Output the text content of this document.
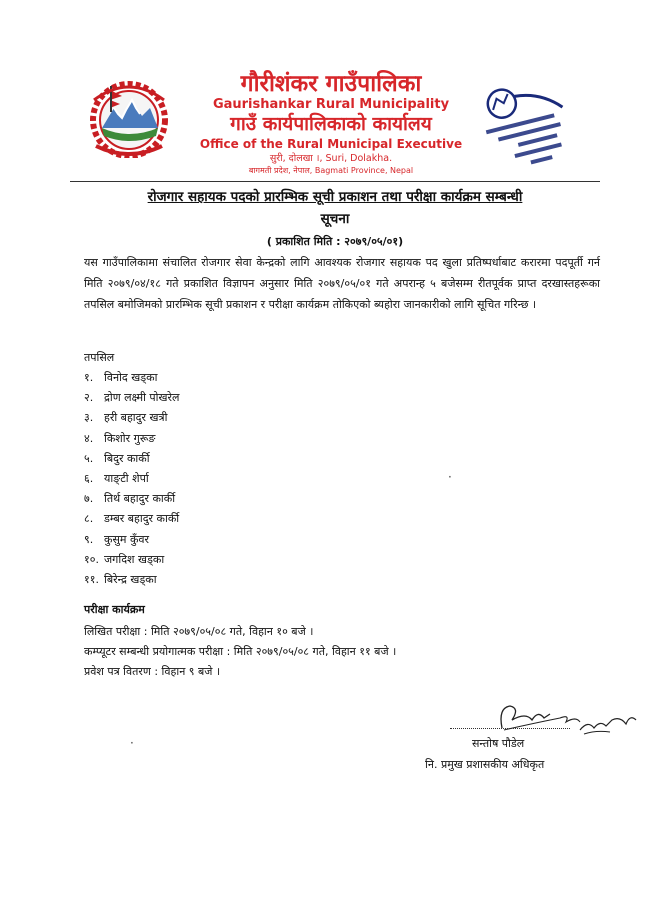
गौरीशंकर गाउँपालिका
Gaurishankar Rural Municipality
गाउँ कार्यपालिकाको कार्यालय
Office of the Rural Municipal Executive
सुरी, दोलखा ।, Suri, Dolakha.
बागमती प्रदेश, नेपाल, Bagmati Province, Nepal
रोजगार सहायक पदको प्रारम्भिक सूची प्रकाशन तथा परीक्षा कार्यक्रम सम्बन्धी
सूचना
( प्रकाशित मिति : २०७९/०५/०१)
यस गाउँपालिकामा संचालित रोजगार सेवा केन्द्रको लागि आवश्यक रोजगार सहायक पद खुला प्रतिष्पर्धाबाट करारमा पदपूर्ती गर्न मिति २०७९/०४/१८ गते प्रकाशित विज्ञापन अनुसार मिति २०७९/०५/०१ गते अपरान्ह ५ बजेसम्म रीतपूर्वक प्राप्त दरखास्तहरूका तपसिल बमोजिमको प्रारम्भिक सूची प्रकाशन र परीक्षा कार्यक्रम तोकिएको ब्यहोरा जानकारीको लागि सूचित गरिन्छ ।
तपसिल
१. विनोद खड्का
२. द्रोण लक्ष्मी पोखरेल
३. हरी बहादुर खत्री
४. किशोर गुरूङ
५. बिदुर कार्की
६. याङ्टी शेर्पा
७. तिर्थ बहादुर कार्की
८. डम्बर बहादुर कार्की
९. कुसुम कुँवर
१०. जगदिश खड्का
११. बिरेन्द्र खड्का
परीक्षा कार्यक्रम
लिखित परीक्षा : मिति २०७९/०५/०८ गते, विहान १० बजे ।
कम्प्यूटर सम्बन्धी प्रयोगात्मक परीक्षा : मिति २०७९/०५/०८ गते, विहान ११ बजे ।
प्रवेश पत्र वितरण : विहान ९ बजे ।
सन्तोष पौडेल
नि. प्रमुख प्रशासकीय अधिकृत
·
·
